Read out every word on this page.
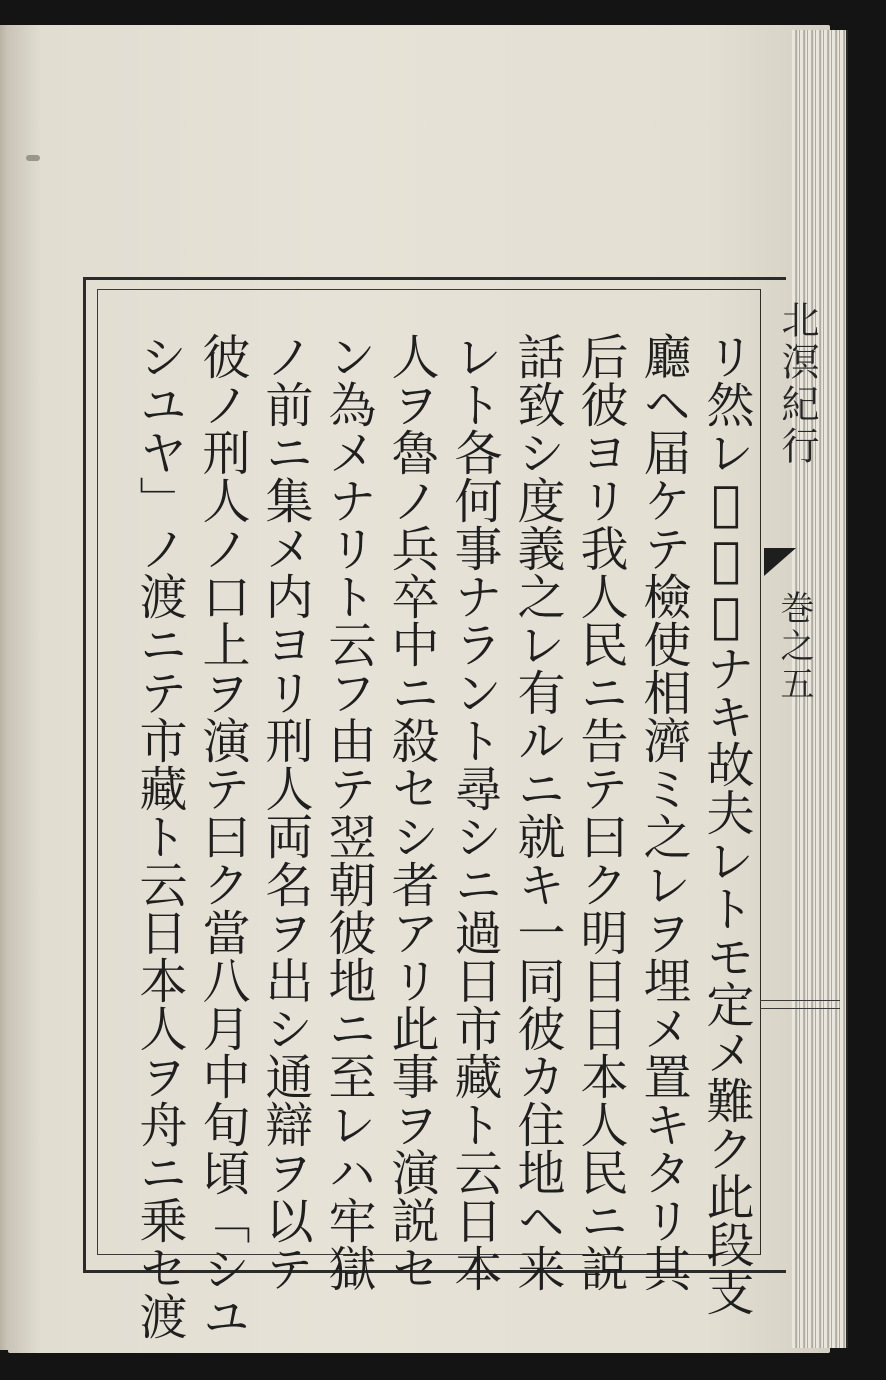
北溟紀行
巻之五
リ然レ𪜈確證ナキ故夫レトモ定メ難ク此段支
廳ヘ届ケテ檢使相濟ミ之レヲ埋メ置キタリ其
后彼ヨリ我人民ニ告テ曰ク明日日本人民ニ説
話致シ度義之レ有ルニ就キ一同彼カ住地ヘ来
レト各何事ナラント尋シニ過日市藏ト云日本
人ヲ魯ノ兵卒中ニ殺セシ者アリ此事ヲ演説セ
ン為メナリト云フ由テ翌朝彼地ニ至レハ牢獄
ノ前ニ集メ内ヨリ刑人両名ヲ出シ通辯ヲ以テ
彼ノ刑人ノ口上ヲ演テ曰ク當八月中旬頃「シユ
シユヤ」ノ渡ニテ市藏ト云日本人ヲ舟ニ乗セ渡
